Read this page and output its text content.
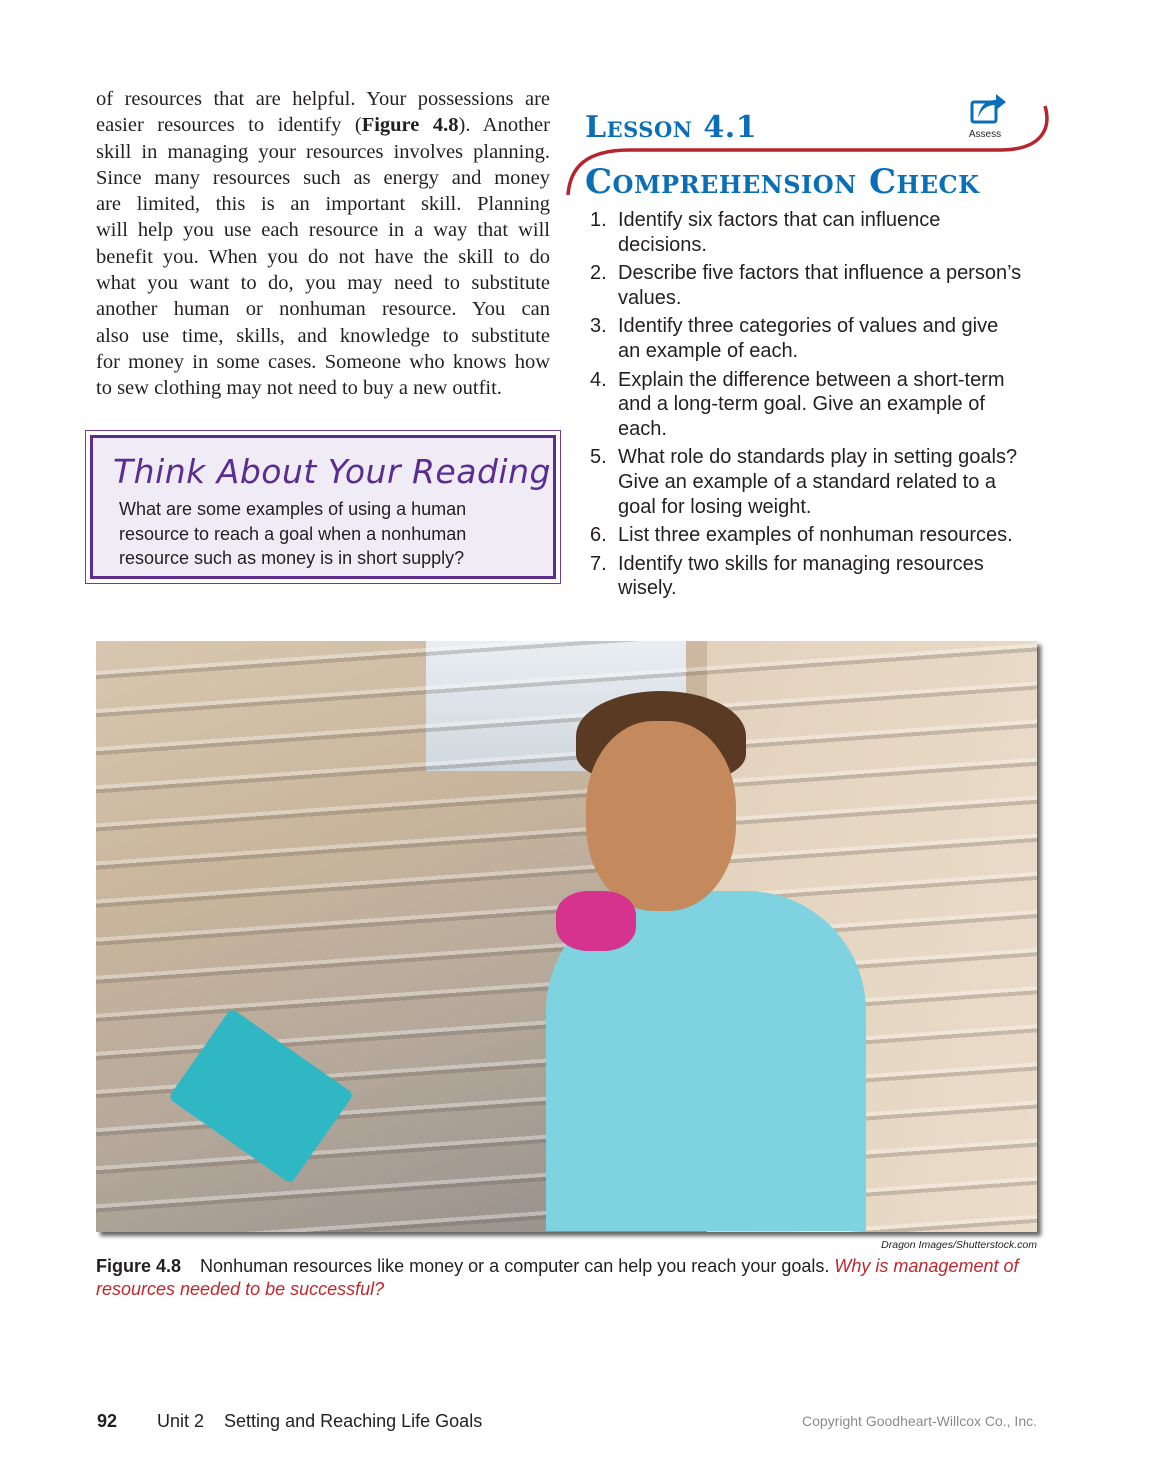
of resources that are helpful. Your possessions are
easier resources to identify (Figure 4.8). Another
skill in managing your resources involves planning.
Since many resources such as energy and money
are limited, this is an important skill. Planning
will help you use each resource in a way that will
benefit you. When you do not have the skill to do
what you want to do, you may need to substitute
another human or nonhuman resource. You can
also use time, skills, and knowledge to substitute
for money in some cases. Someone who knows how
to sew clothing may not need to buy a new outfit.
Think About Your Reading
What are some examples of using a human
resource to reach a goal when a nonhuman
resource such as money is in short supply?
Lesson 4.1	Assess
Comprehension Check
1. Identify six factors that can influence
decisions.
2. Describe five factors that influence a person’s
values.
3. Identify three categories of values and give
an example of each.
4. Explain the difference between a short-term
and a long-term goal. Give an example of
each.
5. What role do standards play in setting goals?
Give an example of a standard related to a
goal for losing weight.
6. List three examples of nonhuman resources.
7. Identify two skills for managing resources
wisely.
Dragon Images/Shutterstock.com
Figure 4.8 Nonhuman resources like money or a computer can help you reach your goals. Why is management of resources needed to be successful?
92 Unit 2    Setting and Reaching Life Goals	Copyright Goodheart-Willcox Co., Inc.
